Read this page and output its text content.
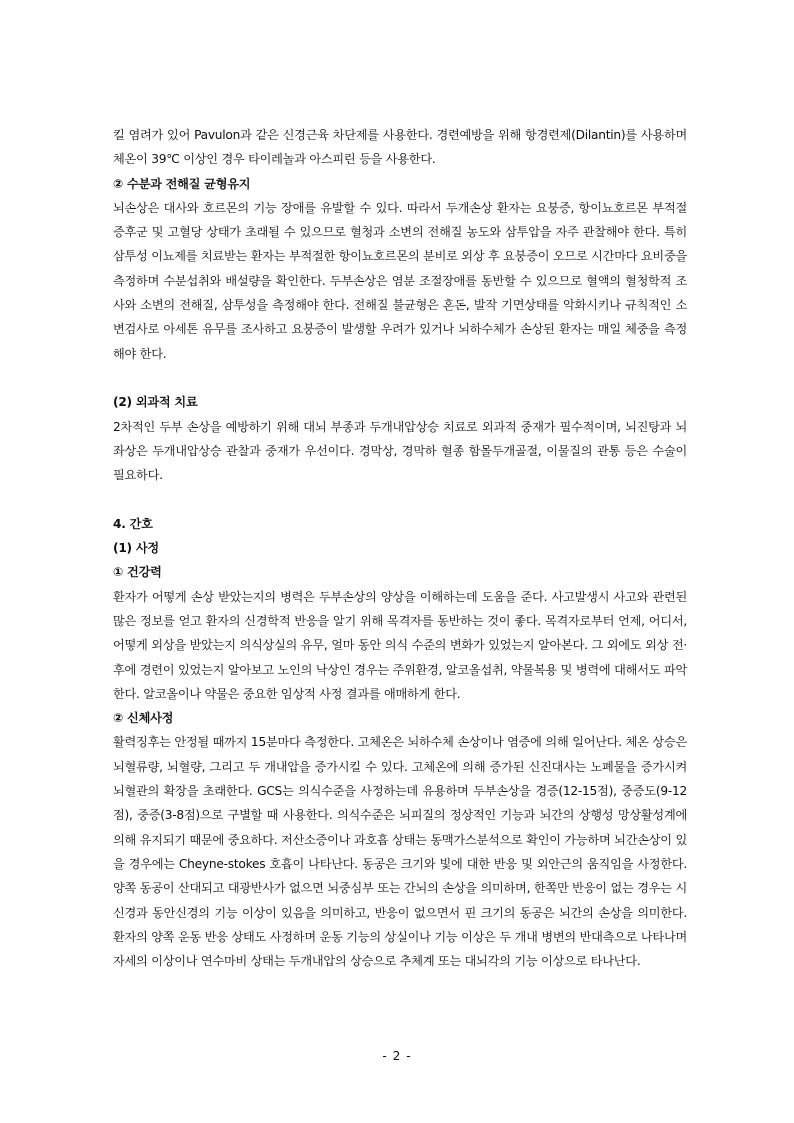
킬 염려가 있어 Pavulon과 같은 신경근육 차단제를 사용한다. 경련예방을 위해 항경련제(Dilantin)를 사용하며 체온이 39℃ 이상인 경우 타이레놀과 아스피린 등을 사용한다.

② 수분과 전해질 균형유지

뇌손상은 대사와 호르몬의 기능 장애를 유발할 수 있다. 따라서 두개손상 환자는 요붕증, 항이뇨호르몬 부적절 증후군 및 고혈당 상태가 초래될 수 있으므로 혈청과 소변의 전해질 농도와 삼투압을 자주 관찰해야 한다. 특히 삼투성 이뇨제를 치료받는 환자는 부적절한 항이뇨호르몬의 분비로 외상 후 요붕증이 오므로 시간마다 요비중을 측정하며 수분섭취와 배설량을 확인한다. 두부손상은 염분 조절장애를 동반할 수 있으므로 혈액의 혈청학적 조사와 소변의 전해질, 삼투성을 측정해야 한다. 전해질 불균형은 혼돈, 발작 기면상태를 악화시키나 규칙적인 소변검사로 아세톤 유무를 조사하고 요붕증이 발생할 우려가 있거나 뇌하수체가 손상된 환자는 매일 체중을 측정해야 한다.

(2) 외과적 치료

2차적인 두부 손상을 예방하기 위해 대뇌 부종과 두개내압상승 치료로 외과적 중재가 필수적이며, 뇌진탕과 뇌좌상은 두개내압상승 관찰과 중재가 우선이다. 경막상, 경막하 혈종 함몰두개골절, 이물질의 관통 등은 수술이 필요하다.

4. 간호

(1) 사정

① 건강력

환자가 어떻게 손상 받았는지의 병력은 두부손상의 양상을 이해하는데 도움을 준다. 사고발생시 사고와 관련된 많은 정보를 얻고 환자의 신경학적 반응을 알기 위해 목격자를 동반하는 것이 좋다. 목격자로부터 언제, 어디서, 어떻게 외상을 받았는지 의식상실의 유무, 얼마 동안 의식 수준의 변화가 있었는지 알아본다. 그 외에도 외상 전·후에 경련이 있었는지 알아보고 노인의 낙상인 경우는 주위환경, 알코올섭취, 약물복용 및 병력에 대해서도 파악한다. 알코올이나 약물은 중요한 임상적 사정 결과를 애매하게 한다.

② 신체사정

활력징후는 안정될 때까지 15분마다 측정한다. 고체온은 뇌하수체 손상이나 염증에 의해 일어난다. 체온 상승은 뇌혈류량, 뇌혈량, 그리고 두 개내압을 증가시킬 수 있다. 고체온에 의해 증가된 신진대사는 노폐물을 증가시켜 뇌혈관의 확장을 초래한다. GCS는 의식수준을 사정하는데 유용하며 두부손상을 경증(12-15점), 중증도(9-12점), 중증(3-8점)으로 구별할 때 사용한다. 의식수준은 뇌피질의 정상적인 기능과 뇌간의 상행성 망상활성계에 의해 유지되기 때문에 중요하다. 저산소증이나 과호흡 상태는 동맥가스분석으로 확인이 가능하며 뇌간손상이 있을 경우에는 Cheyne-stokes 호흡이 나타난다. 동공은 크기와 빛에 대한 반응 및 외안근의 움직임을 사정한다. 양쪽 동공이 산대되고 대광반사가 없으면 뇌중심부 또는 간뇌의 손상을 의미하며, 한쪽만 반응이 없는 경우는 시신경과 동안신경의 기능 이상이 있음을 의미하고, 반응이 없으면서 핀 크기의 동공은 뇌간의 손상을 의미한다. 환자의 양쪽 운동 반응 상태도 사정하며 운동 기능의 상실이나 기능 이상은 두 개내 병변의 반대측으로 나타나며 자세의 이상이나 연수마비 상태는 두개내압의 상승으로 추체계 또는 대뇌각의 기능 이상으로 타나난다.

- 2 -
